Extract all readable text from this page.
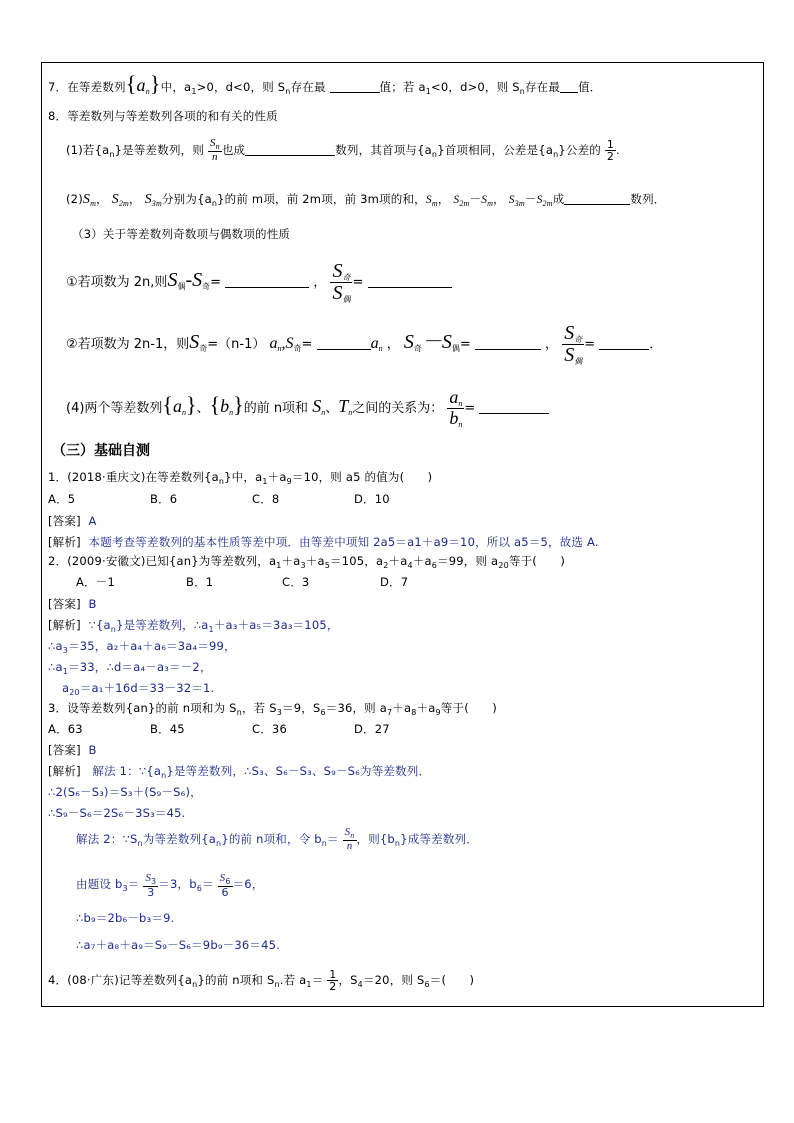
7．在等差数列$\{a_n\}$中，$a_1>0$，d<0，则 $S_n$存在最	值；若 $a_1<0$，d>0，则 $S_n$存在最 值．
8．等差数列与等差数列各项的和有关的性质
(1)若$\{a_n\}$是等差数列，则 $\frac{S_n}{n}$ 也成	数列，其首项与$\{a_n\}$首项相同，公差是$\{a_n\}$公差的 $\frac{1}{2}$ .
$(2)S_m$， $S_{2m}$， $S_{3m}$分别为$\{a_n\}$的前 m项，前 2m项，前 3m项的和，$S_m$， $S_{2m}-S_m$， $S_{3m}-S_{2m}$成	数列．
（3）关于等差数列奇数项与偶数项的性质
①若项数为 2n,则$S_偶-S_奇=$	， $\frac{S_奇}{S_偶}$ =
②若项数为 2n-1，则$S_奇=(n-1)$ $a_n,S_奇=$	$a_n$ ， $S_奇-S_偶=$	， $\frac{S_奇}{S_偶}$ =	．
(4)两个等差数列$\{a_n\}$、$\{b_n\}$的前 n项和 $S_n$、$T_n$之间的关系为： $\frac{a_n}{b_n}$ =
（三）基础自测
1．(2018·重庆文)在等差数列$\{a_n\}$中，$a_1+a_9=10$，则 a5 的值为(　　)
A．5	B．6	C．8	D．10
[答案] A
[解析] 本题考查等差数列的基本性质等差中项．由等差中项知 2a5＝a1＋a9＝10，所以 a5＝5，故选 A.
2．(2009·安徽文)已知{an}为等差数列，$a_1+a_3+a_5=105$，$a_2+a_4+a_6=99$，则 $a_{20}$等于(　　)
A．－1	B．1	C．3	D．7
[答案] B
[解析] $\because\{a_n\}$是等差数列，$\therefore a_1+a_3+a_5=3a_3=105$，
$\therefore a_3=35$，a₂＋a₄＋a₆＝3a₄＝99，
$\therefore a_1=33$，∴d＝a₄－a₃＝－2，
$a_{20}=a_1+16d=33-32=1$.
3．设等差数列{an}的前 n项和为 $S_n$，若 $S_3=9$，$S_6=36$，则 $a_7+a_8+a_9$等于(　　)
A．63	B．45	C．36	D．27
[答案] B
[解析] 解法 1：$\because\{a_n\}$是等差数列，∴S₃、S₆－S₃、S₉－S₆为等差数列．
∴2(S₆－S₃)＝S₃＋(S₉－S₆)，
∴S₉－S₆＝2S₆－3S₃＝45.
解法 2：$\because S_n$为等差数列$\{a_n\}$的前 n项和，令 $b_n= \frac{S_n}{n}$ ，则$\{b_n\}$成等差数列．
由题设 $b_3= \frac{S_3}{3} =3$，$b_6= \frac{S_6}{6} =6$，
∴b₉＝2b₆－b₃＝9.
∴a₇＋a₈＋a₉＝S₉－S₆＝9b₉－36＝45.
4．(08·广东)记等差数列$\{a_n\}$的前 n项和 $S_n$.若 $a_1= \frac{1}{2}$ ，$S_4=20$，则 $S_6=$(　　)
